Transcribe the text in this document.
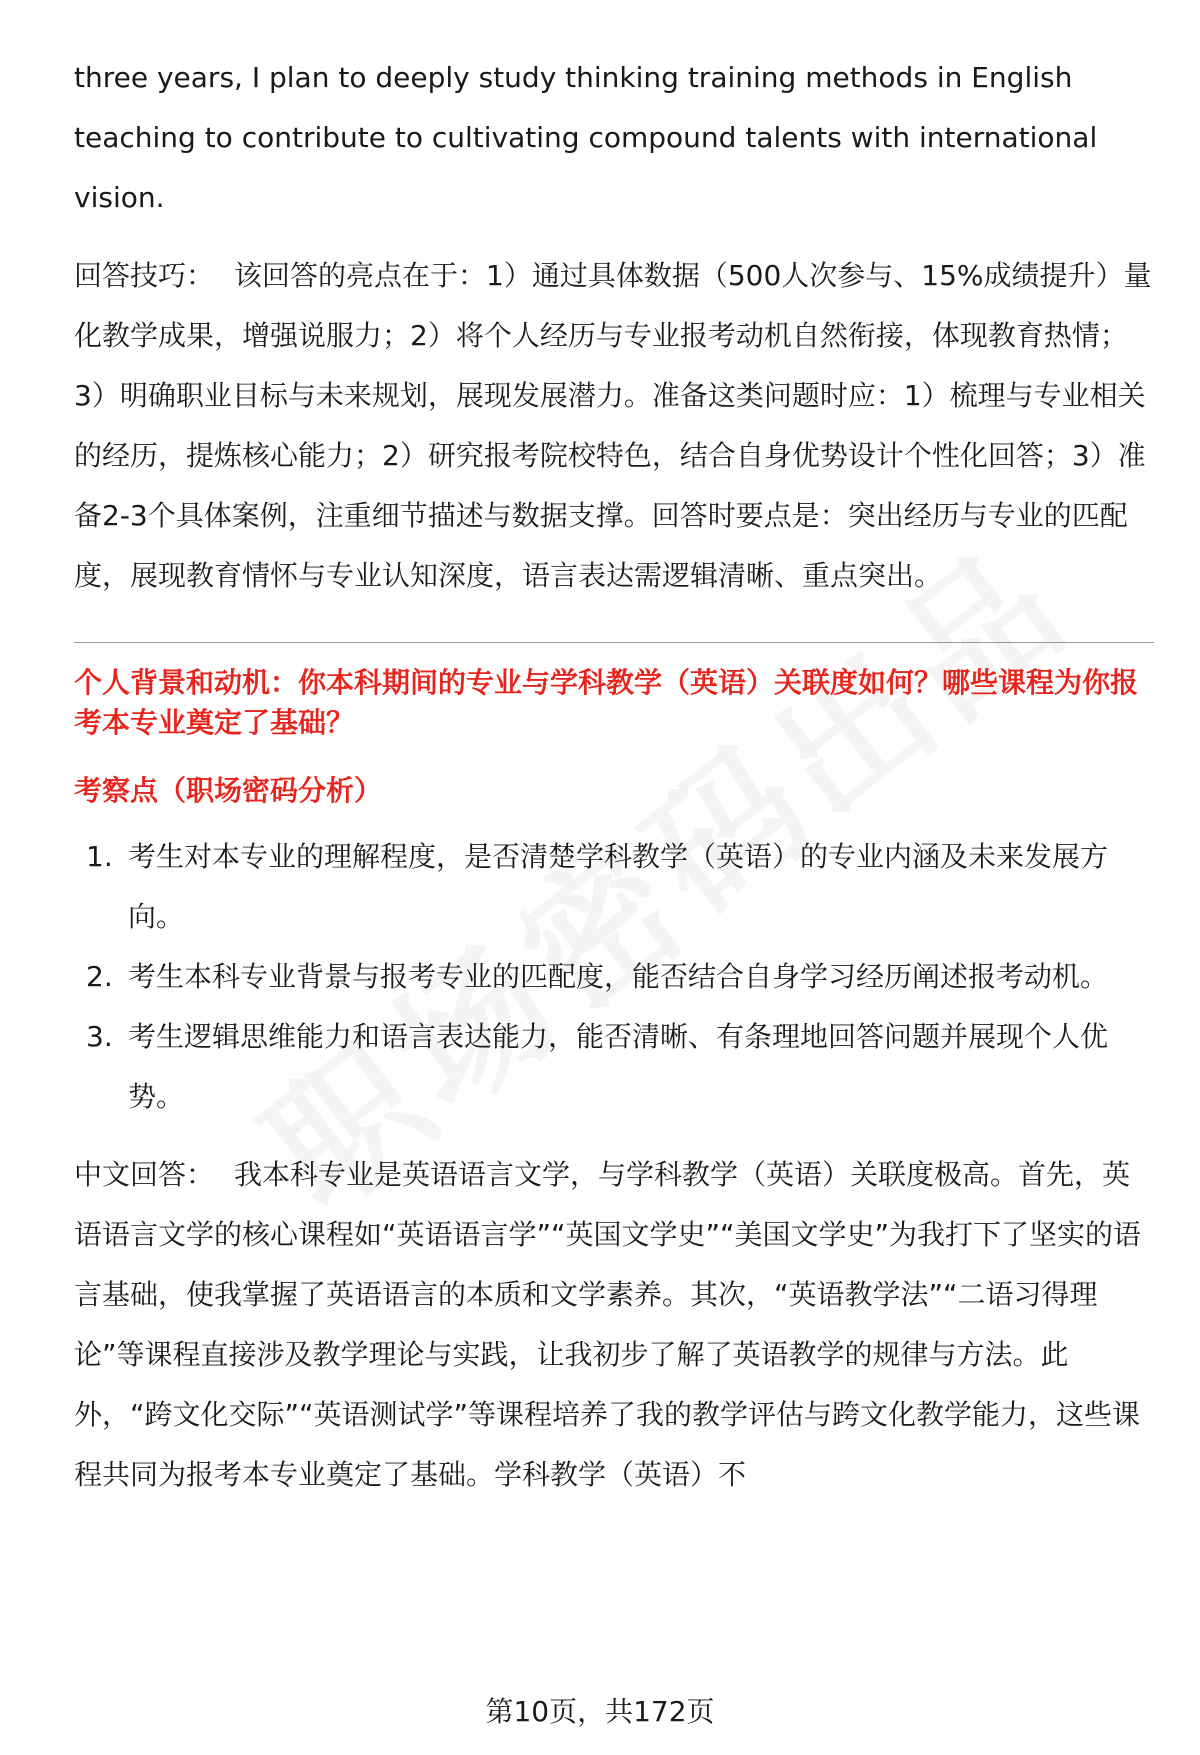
three years, I plan to deeply study thinking training methods in English teaching to contribute to cultivating compound talents with international vision.

回答技巧： 该回答的亮点在于：1）通过具体数据（500人次参与、15%成绩提升）量化教学成果，增强说服力；2）将个人经历与专业报考动机自然衔接，体现教育热情；3）明确职业目标与未来规划，展现发展潜力。准备这类问题时应：1）梳理与专业相关的经历，提炼核心能力；2）研究报考院校特色，结合自身优势设计个性化回答；3）准备2-3个具体案例，注重细节描述与数据支撑。回答时要点是：突出经历与专业的匹配度，展现教育情怀与专业认知深度，语言表达需逻辑清晰、重点突出。

个人背景和动机：你本科期间的专业与学科教学（英语）关联度如何？哪些课程为你报考本专业奠定了基础？

考察点（职场密码分析）

1. 考生对本专业的理解程度，是否清楚学科教学（英语）的专业内涵及未来发展方向。
2. 考生本科专业背景与报考专业的匹配度，能否结合自身学习经历阐述报考动机。
3. 考生逻辑思维能力和语言表达能力，能否清晰、有条理地回答问题并展现个人优势。

中文回答： 我本科专业是英语语言文学，与学科教学（英语）关联度极高。首先，英语语言文学的核心课程如“英语语言学”“英国文学史”“美国文学史”为我打下了坚实的语言基础，使我掌握了英语语言的本质和文学素养。其次，“英语教学法”“二语习得理论”等课程直接涉及教学理论与实践，让我初步了解了英语教学的规律与方法。此外，“跨文化交际”“英语测试学”等课程培养了我的教学评估与跨文化教学能力，这些课程共同为报考本专业奠定了基础。学科教学（英语）不

第10页，共172页
